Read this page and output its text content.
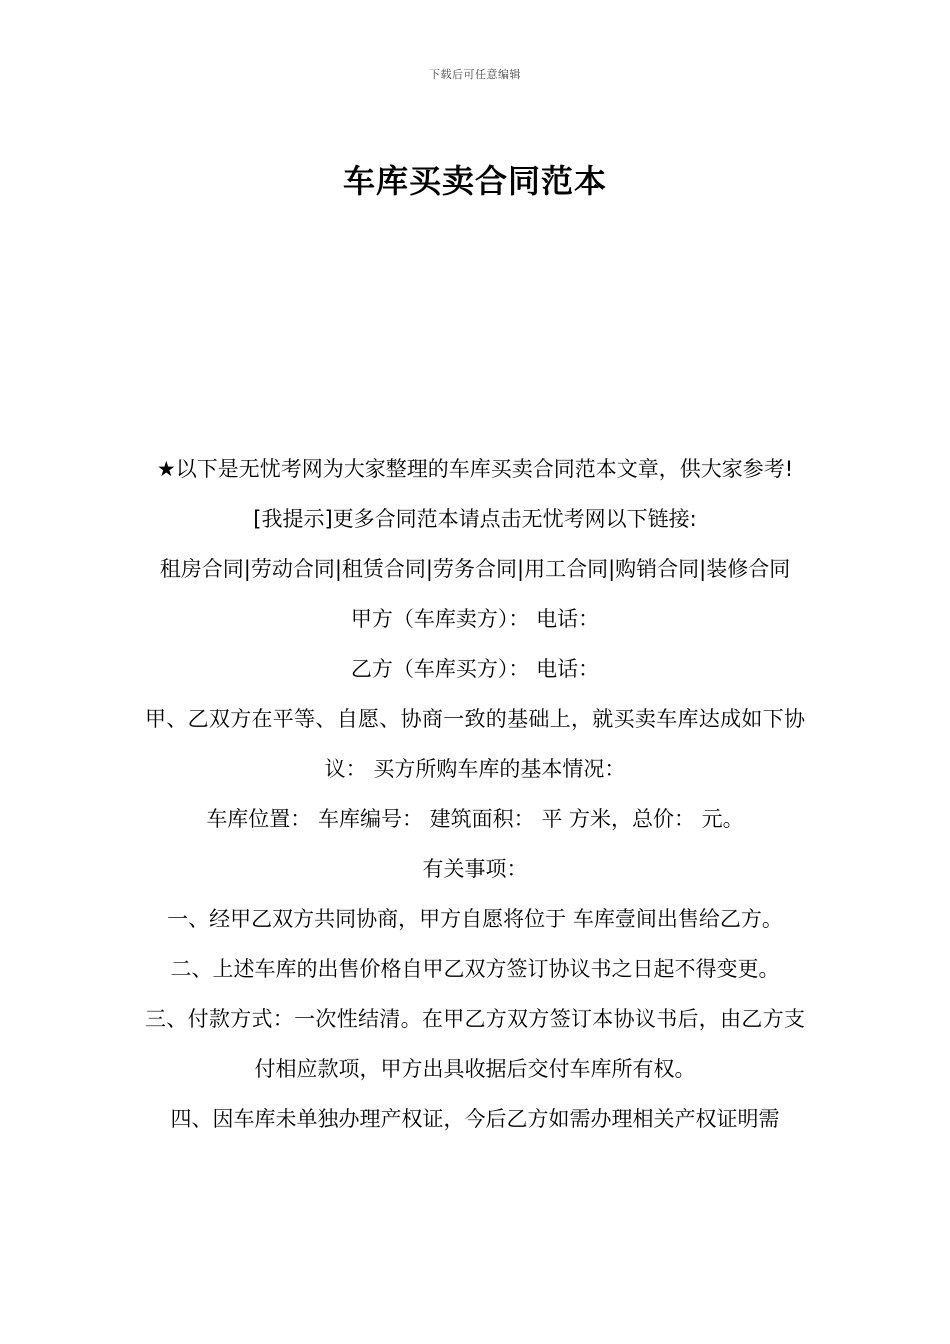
下载后可任意编辑
车库买卖合同范本

★以下是无忧考网为大家整理的车库买卖合同范本文章，供大家参考!

[我提示]更多合同范本请点击无忧考网以下链接:

租房合同|劳动合同|租赁合同|劳务合同|用工合同|购销合同|装修合同

甲方（车库卖方）： 电话：

乙方（车库买方）： 电话：

甲、乙双方在平等、自愿、协商一致的基础上，就买卖车库达成如下协议： 买方所购车库的基本情况：

车库位置： 车库编号： 建筑面积： 平 方米，总价： 元。

有关事项：

一、经甲乙双方共同协商，甲方自愿将位于 车库壹间出售给乙方。

二、上述车库的出售价格自甲乙双方签订协议书之日起不得变更。

三、付款方式：一次性结清。在甲乙方双方签订本协议书后，由乙方支付相应款项，甲方出具收据后交付车库所有权。

四、因车库未单独办理产权证，今后乙方如需办理相关产权证明需
